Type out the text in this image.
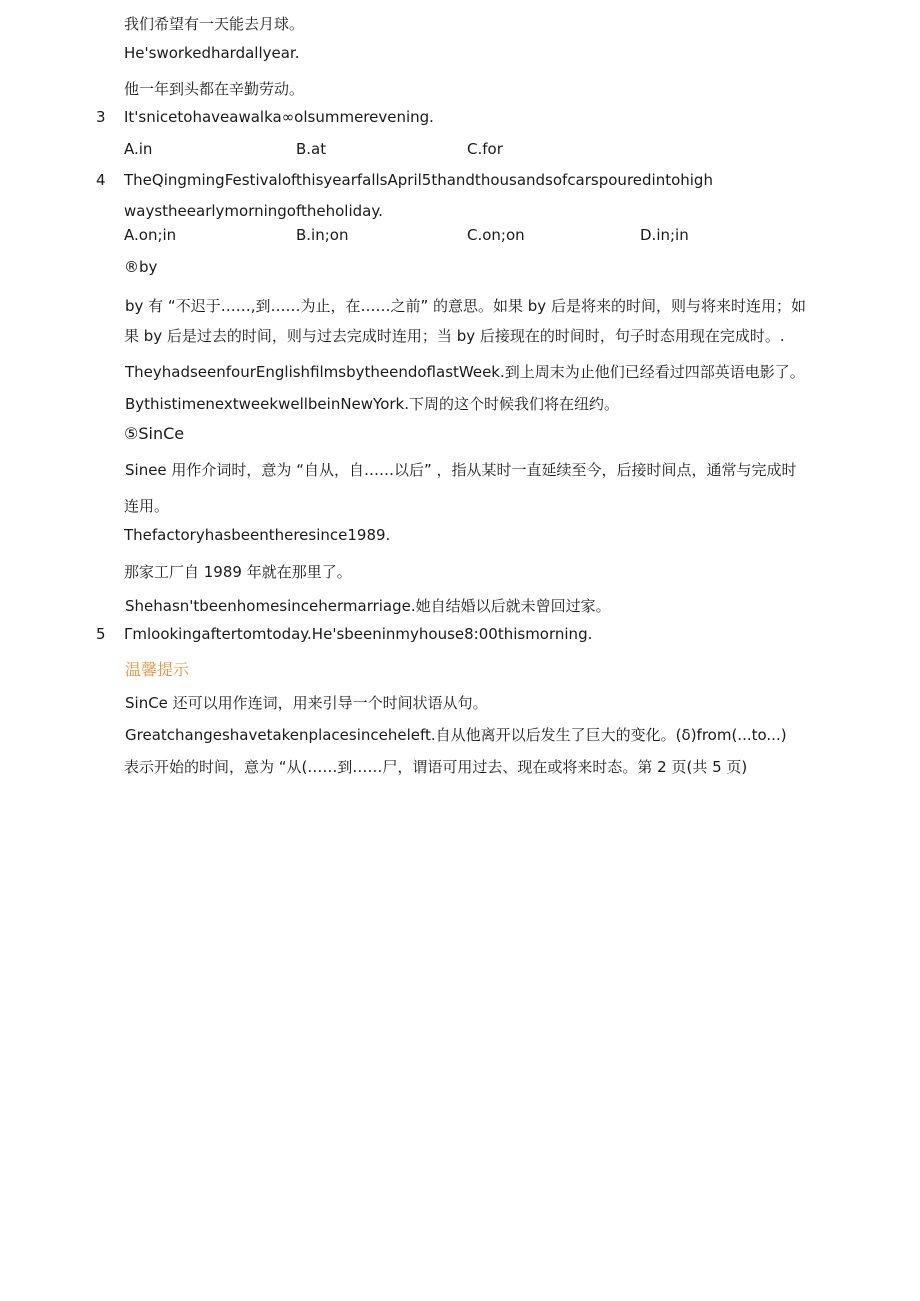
我们希望有一天能去月球。
He'sworkedhardallyear.
他一年到头都在辛勤劳动。
3 It'snicetohaveawalka∞olsummerevening.
A.in	B.at	C.for
4 TheQingmingFestivalofthisyearfallsApril5thandthousandsofcarspouredintohigh
waystheearlymorningoftheholiday.
A.on;in	B.in;on	C.on;on	D.in;in
®by
by 有 “不迟于……,到……为止，在……之前” 的意思。如果 by 后是将来的时间，则与将来时连用；如
果 by 后是过去的时间，则与过去完成时连用；当 by 后接现在的时间时，句子时态用现在完成时。.
TheyhadseenfourEnglishfilmsbytheendoflastWeek.到上周末为止他们已经看过四部英语电影了。
BythistimenextweekwellbeinNewYork.下周的这个时候我们将在纽约。
⑤SinCe
Sinee 用作介词时，意为 “自从，自……以后” ，指从某时一直延续至今，后接时间点，通常与完成时
连用。
Thefactoryhasbeentheresince1989.
那家工厂自 1989 年就在那里了。
Shehasn'tbeenhomesincehermarriage.她自结婚以后就未曾回过家。
5 Γmlookingaftertomtoday.He'sbeeninmyhouse8:00thismorning.
温馨提示
SinCe 还可以用作连词，用来引导一个时间状语从句。
Greatchangeshavetakenplacesinceheleft.自从他离开以后发生了巨大的变化。(δ)from(...to...)
表示开始的时间，意为 “从(……到……尸，谓语可用过去、现在或将来时态。第 2 页(共 5 页)
